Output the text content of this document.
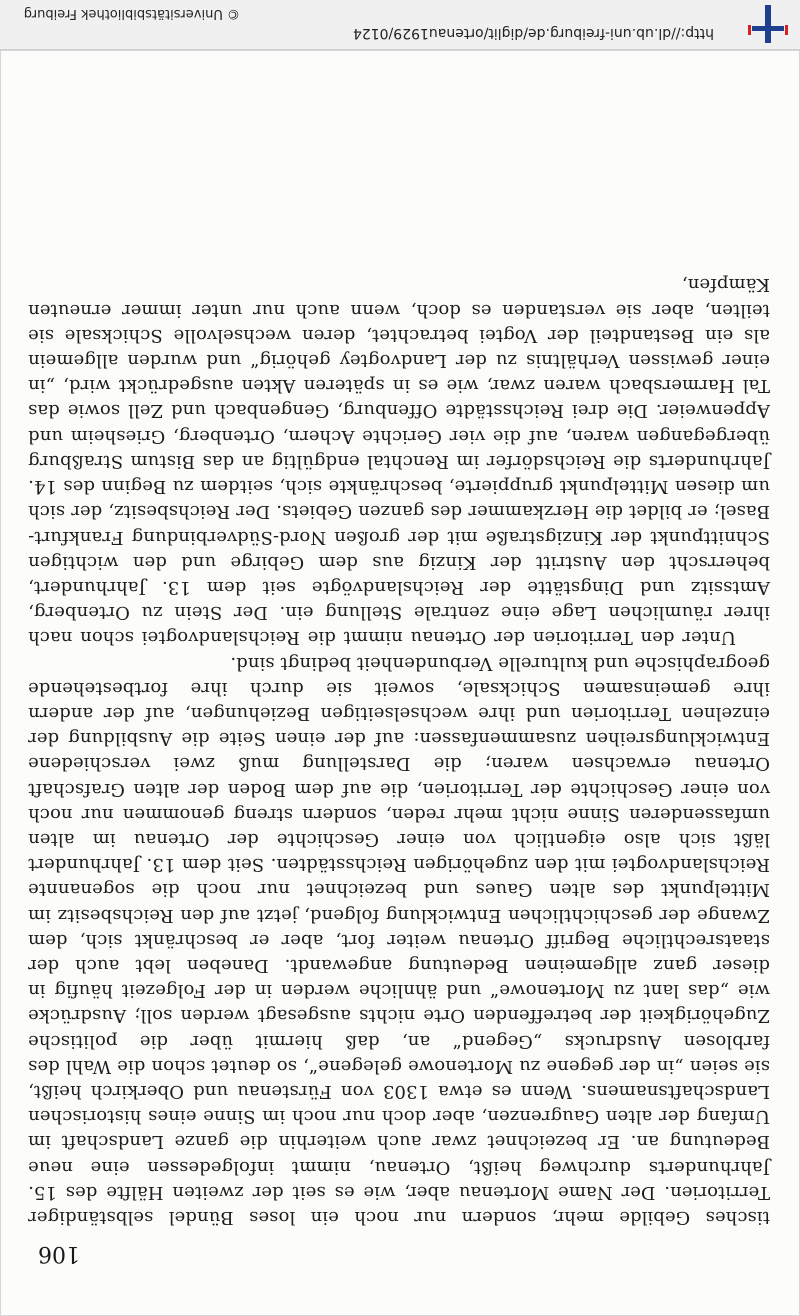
106

tisches Gebilde mehr, sondern nur noch ein loses Bündel selbständiger Territorien. Der Name Mortenau aber, wie es seit der zweiten Hälfte des 15. Jahrhunderts durchweg heißt, Ortenau, nimmt infolgedessen eine neue Bedeutung an. Er bezeichnet zwar auch weiterhin die ganze Landschaft im Umfang der alten Gaugrenzen, aber doch nur noch im Sinne eines historischen Landschaftsnamens. Wenn es etwa 1303 von Fürstenau und Oberkirch heißt, sie seien „in der gegene zu Mortenowe gelegene“, so deutet schon die Wahl des farblosen Ausdrucks „Gegend“ an, daß hiermit über die politische Zugehörigkeit der betreffenden Orte nichts ausgesagt werden soll; Ausdrücke wie „das lant zu Mortenowe“ und ähnliche werden in der Folgezeit häufig in dieser ganz allgemeinen Bedeutung angewandt. Daneben lebt auch der staatsrechtliche Begriff Ortenau weiter fort, aber er beschränkt sich, dem Zwange der geschichtlichen Entwicklung folgend, jetzt auf den Reichsbesitz im Mittelpunkt des alten Gaues und bezeichnet nur noch die sogenannte Reichslandvogtei mit den zugehörigen Reichsstädten. Seit dem 13. Jahrhundert läßt sich also eigentlich von einer Geschichte der Ortenau im alten umfassenderen Sinne nicht mehr reden, sondern streng genommen nur noch von einer Geschichte der Territorien, die auf dem Boden der alten Grafschaft Ortenau erwachsen waren; die Darstellung muß zwei verschiedene Entwicklungsreihen zusammenfassen: auf der einen Seite die Ausbildung der einzelnen Territorien und ihre wechselseitigen Beziehungen, auf der andern ihre gemeinsamen Schicksale, soweit sie durch ihre fortbestehende geographische und kulturelle Verbundenheit bedingt sind.

Unter den Territorien der Ortenau nimmt die Reichslandvogtei schon nach ihrer räumlichen Lage eine zentrale Stellung ein. Der Stein zu Ortenberg, Amtssitz und Dingstätte der Reichslandvögte seit dem 13. Jahrhundert, beherrscht den Austritt der Kinzig aus dem Gebirge und den wichtigen Schnittpunkt der Kinzigstraße mit der großen Nord-Südverbindung Frankfurt-Basel; er bildet die Herzkammer des ganzen Gebiets. Der Reichsbesitz, der sich um diesen Mittelpunkt gruppierte, beschränkte sich, seitdem zu Beginn des 14. Jahrhunderts die Reichsdörfer im Renchtal endgültig an das Bistum Straßburg übergegangen waren, auf die vier Gerichte Achern, Ortenberg, Griesheim und Appenweier. Die drei Reichsstädte Offenburg, Gengenbach und Zell sowie das Tal Harmersbach waren zwar, wie es in späteren Akten ausgedrückt wird, „in einer gewissen Verhältnis zu der Landvogtey gehörig“ und wurden allgemein als ein Bestandteil der Vogtei betrachtet, deren wechselvolle Schicksale sie teilten, aber sie verstanden es doch, wenn auch nur unter immer erneuten Kämpfen,

http://dl.ub.uni-freiburg.de/diglit/ortenau1929/0124
© Universitätsbibliothek Freiburg
